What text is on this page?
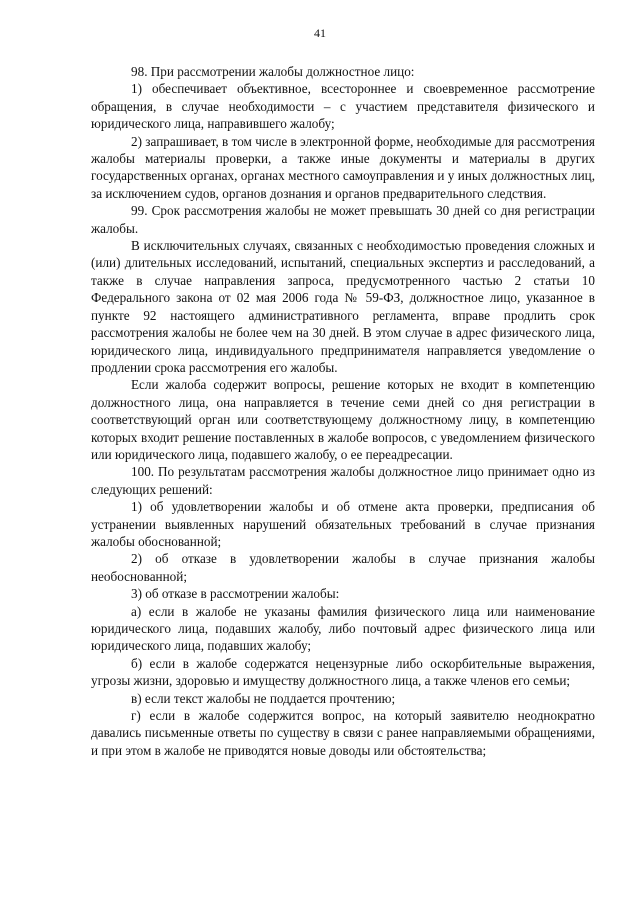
41

98. При рассмотрении жалобы должностное лицо:

1) обеспечивает объективное, всестороннее и своевременное рассмотрение обращения, в случае необходимости – с участием представителя физического и юридического лица, направившего жалобу;

2) запрашивает, в том числе в электронной форме, необходимые для рассмотрения жалобы материалы проверки, а также иные документы и материалы в других государственных органах, органах местного самоуправления и у иных должностных лиц, за исключением судов, органов дознания и органов предварительного следствия.

99. Срок рассмотрения жалобы не может превышать 30 дней со дня регистрации жалобы.

В исключительных случаях, связанных с необходимостью проведения сложных и (или) длительных исследований, испытаний, специальных экспертиз и расследований, а также в случае направления запроса, предусмотренного частью 2 статьи 10 Федерального закона от 02 мая 2006 года № 59-ФЗ, должностное лицо, указанное в пункте 92 настоящего административного регламента, вправе продлить срок рассмотрения жалобы не более чем на 30 дней. В этом случае в адрес физического лица, юридического лица, индивидуального предпринимателя направляется уведомление о продлении срока рассмотрения его жалобы.

Если жалоба содержит вопросы, решение которых не входит в компетенцию должностного лица, она направляется в течение семи дней со дня регистрации в соответствующий орган или соответствующему должностному лицу, в компетенцию которых входит решение поставленных в жалобе вопросов, с уведомлением физического или юридического лица, подавшего жалобу, о ее переадресации.

100. По результатам рассмотрения жалобы должностное лицо принимает одно из следующих решений:

1) об удовлетворении жалобы и об отмене акта проверки, предписания об устранении выявленных нарушений обязательных требований в случае признания жалобы обоснованной;

2) об отказе в удовлетворении жалобы в случае признания жалобы необоснованной;

3) об отказе в рассмотрении жалобы:

а) если в жалобе не указаны фамилия физического лица или наименование юридического лица, подавших жалобу, либо почтовый адрес физического лица или юридического лица, подавших жалобу;

б) если в жалобе содержатся нецензурные либо оскорбительные выражения, угрозы жизни, здоровью и имуществу должностного лица, а также членов его семьи;

в) если текст жалобы не поддается прочтению;

г) если в жалобе содержится вопрос, на который заявителю неоднократно давались письменные ответы по существу в связи с ранее направляемыми обращениями, и при этом в жалобе не приводятся новые доводы или обстоятельства;
